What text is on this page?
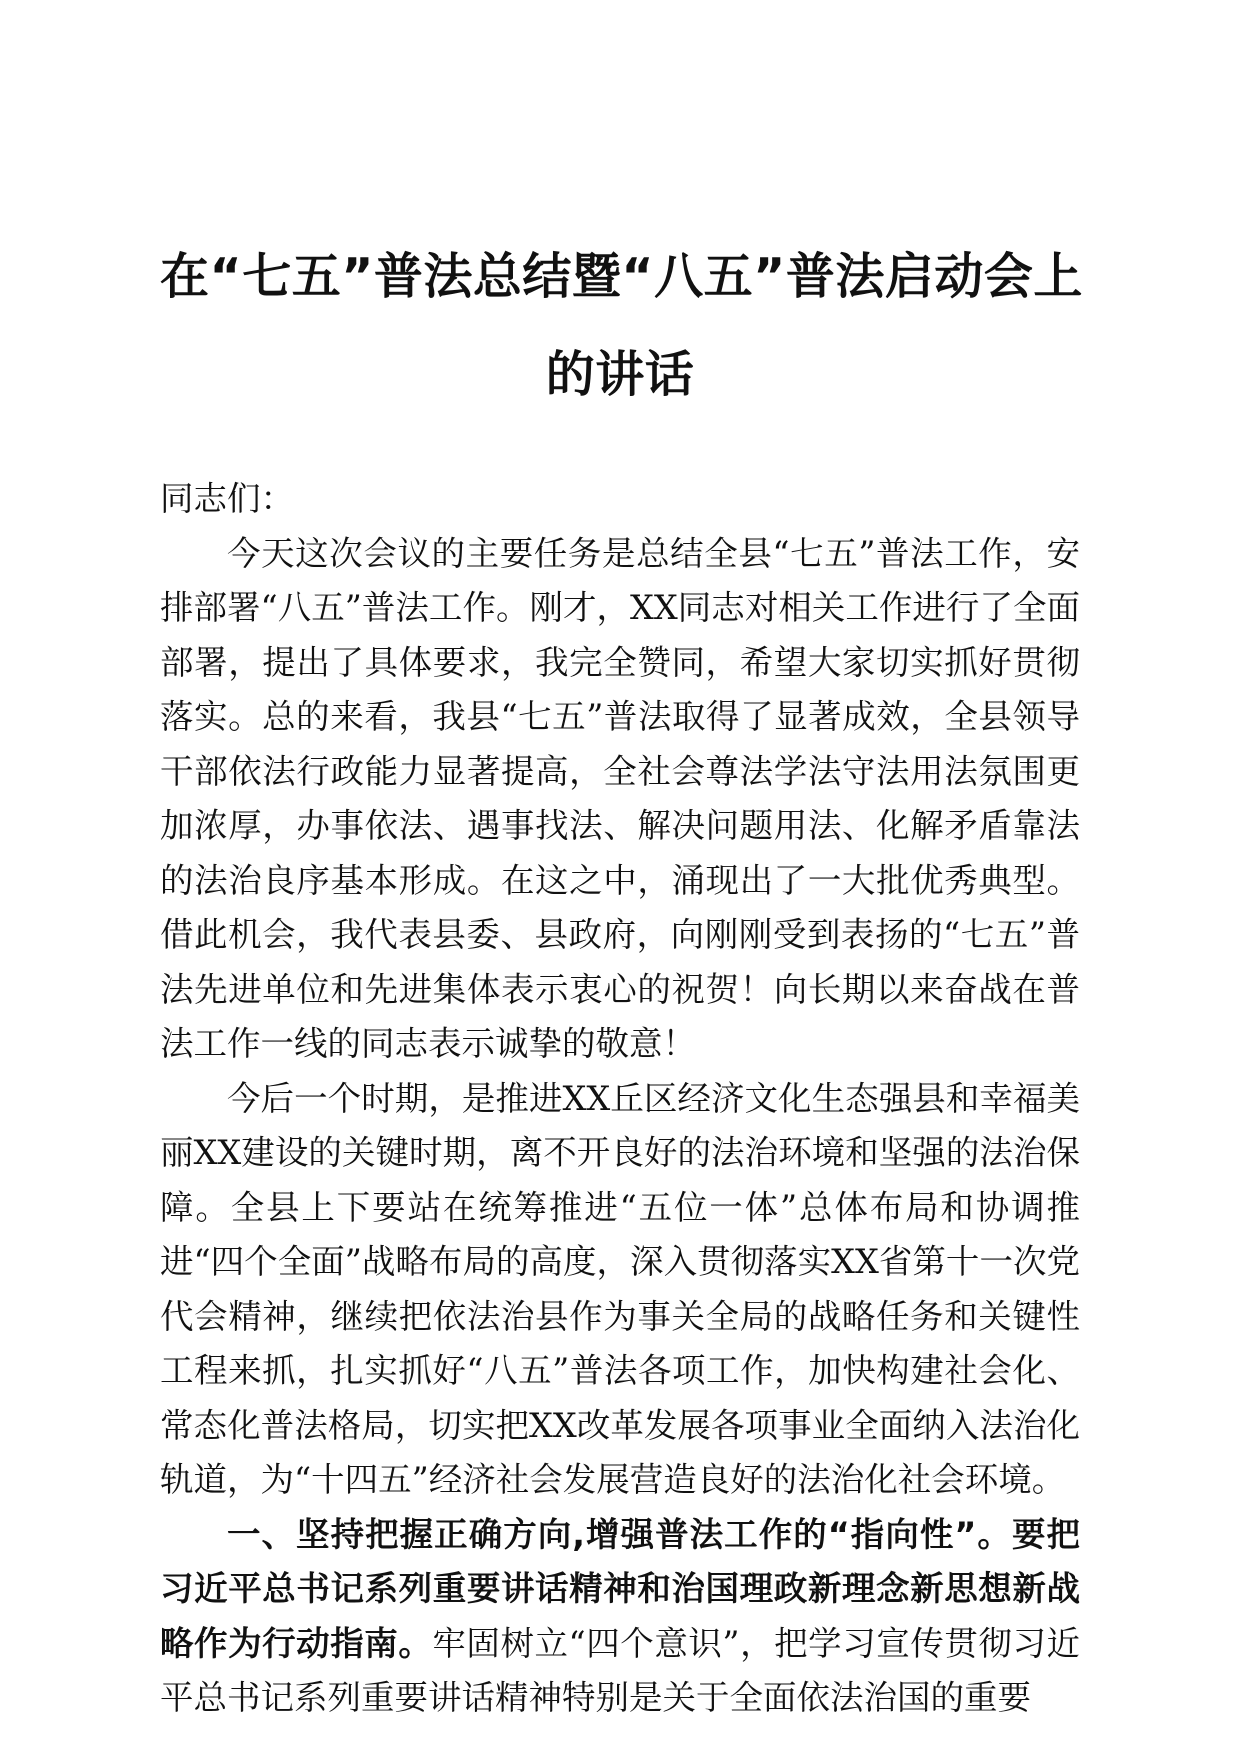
在“七五”普法总结暨“八五”普法启动会上
的讲话

同志们：

今天这次会议的主要任务是总结全县“七五”普法工作，安排部署“八五”普法工作。刚才，XX同志对相关工作进行了全面部署，提出了具体要求，我完全赞同，希望大家切实抓好贯彻落实。总的来看，我县“七五”普法取得了显著成效，全县领导干部依法行政能力显著提高，全社会尊法学法守法用法氛围更加浓厚，办事依法、遇事找法、解决问题用法、化解矛盾靠法的法治良序基本形成。在这之中，涌现出了一大批优秀典型。借此机会，我代表县委、县政府，向刚刚受到表扬的“七五”普法先进单位和先进集体表示衷心的祝贺！向长期以来奋战在普法工作一线的同志表示诚挚的敬意！

今后一个时期，是推进XX丘区经济文化生态强县和幸福美丽XX建设的关键时期，离不开良好的法治环境和坚强的法治保障。全县上下要站在统筹推进“五位一体”总体布局和协调推进“四个全面”战略布局的高度，深入贯彻落实XX省第十一次党代会精神，继续把依法治县作为事关全局的战略任务和关键性工程来抓，扎实抓好“八五”普法各项工作，加快构建社会化、常态化普法格局，切实把XX改革发展各项事业全面纳入法治化轨道，为“十四五”经济社会发展营造良好的法治化社会环境。

一、坚持把握正确方向,增强普法工作的“指向性”。要把习近平总书记系列重要讲话精神和治国理政新理念新思想新战略作为行动指南。牢固树立“四个意识”，把学习宣传贯彻习近平总书记系列重要讲话精神特别是关于全面依法治国的重要
